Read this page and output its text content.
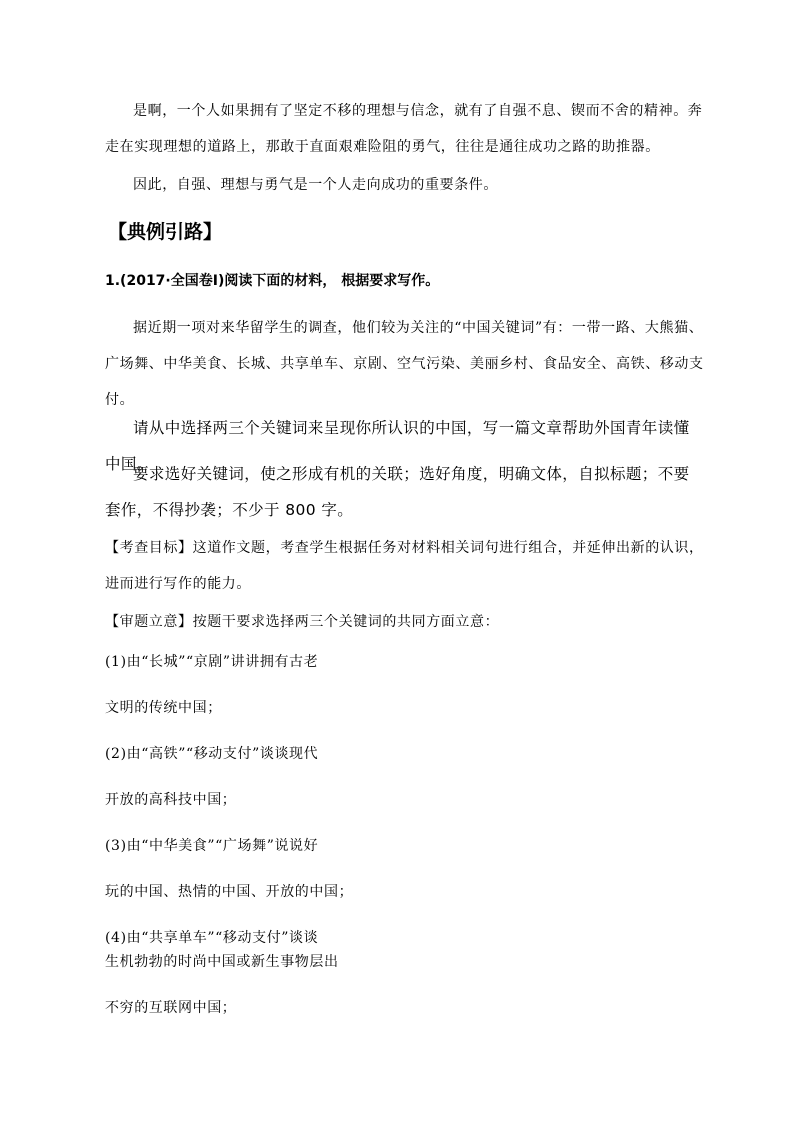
是啊，一个人如果拥有了坚定不移的理想与信念，就有了自强不息、锲而不舍的精神。奔走在实现理想的道路上，那敢于直面艰难险阻的勇气，往往是通往成功之路的助推器。

因此，自强、理想与勇气是一个人走向成功的重要条件。

【典例引路】

1.(2017·全国卷Ⅰ)阅读下面的材料， 根据要求写作。

据近期一项对来华留学生的调查，他们较为关注的“中国关键词”有：一带一路、大熊猫、广场舞、中华美食、长城、共享单车、京剧、空气污染、美丽乡村、食品安全、高铁、移动支付。

请从中选择两三个关键词来呈现你所认识的中国，写一篇文章帮助外国青年读懂中国。

要求选好关键词，使之形成有机的关联；选好角度，明确文体，自拟标题；不要套作，不得抄袭；不少于 800 字。

【考查目标】这道作文题，考查学生根据任务对材料相关词句进行组合，并延伸出新的认识，进而进行写作的能力。

【审题立意】按题干要求选择两三个关键词的共同方面立意：

(1)由“长城”“京剧”讲讲拥有古老

文明的传统中国；

(2)由“高铁”“移动支付”谈谈现代

开放的高科技中国；

(3)由“中华美食”“广场舞”说说好

玩的中国、热情的中国、开放的中国；

(4)由“共享单车”“移动支付”谈谈

生机勃勃的时尚中国或新生事物层出

不穷的互联网中国；
